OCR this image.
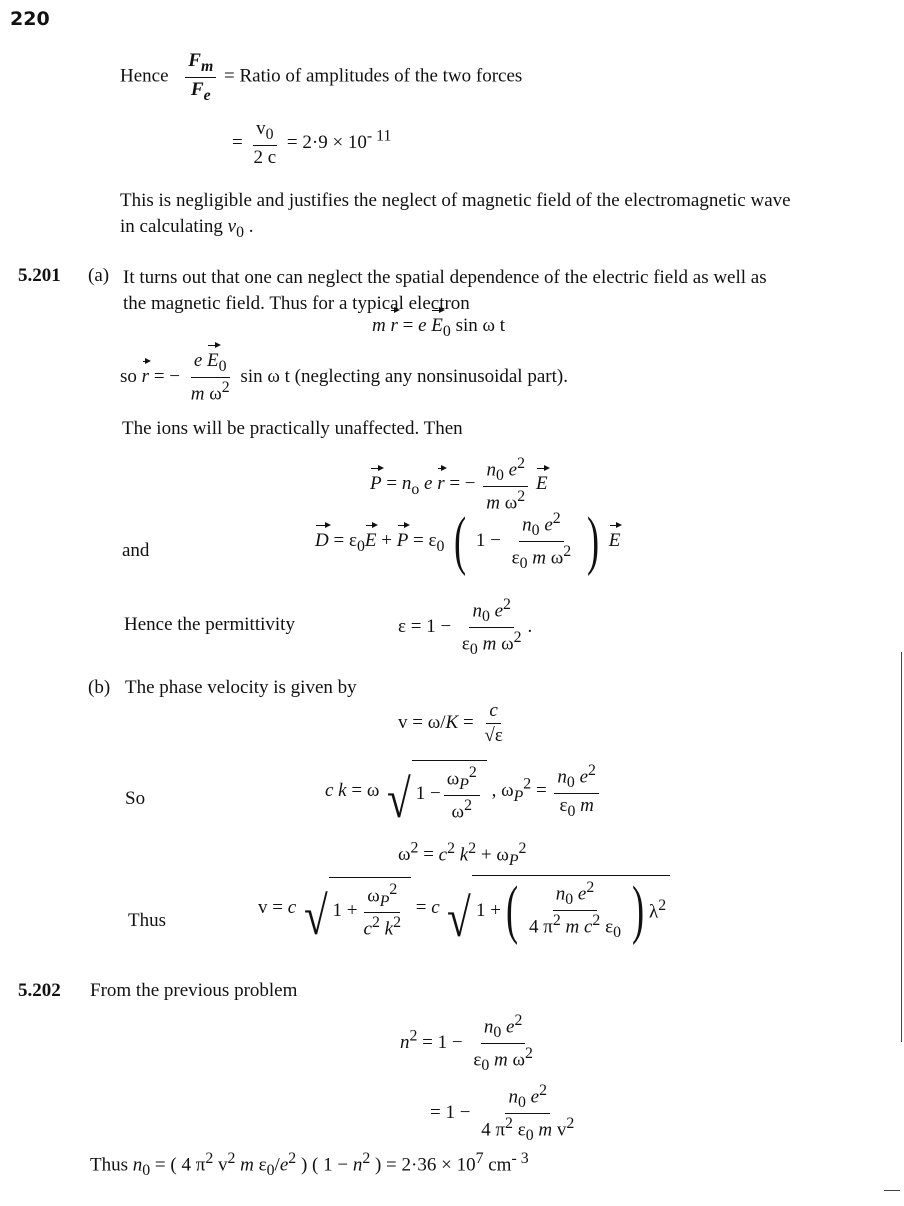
220
Hence $\frac{F_m}{F_e}$ = Ratio of amplitudes of the two forces
= $\frac{v_0}{2 c} = 2\cdot 9 \times 10^{- 11}$
This is negligible and justifies the neglect of magnetic field of the electromagnetic wave
in calculating $v_0$ .
5.201 (a) It turns out that one can neglect the spatial dependence of the electric field as well as
the magnetic field. Thus for a typical electron
m r = e $E_0$ sin ω t
so r = − $\frac{e E_0}{m \omega^2}$ sin ω t (neglecting any nonsinusoidal part).
The ions will be practically unaffected. Then
$P = n_o$ e r = − $\frac{n_0 e^2}{m \omega^2}$ E
and	$D = \varepsilon_0E + P = \varepsilon_0$ ( $1 - \frac{n_0 e^2}{\varepsilon_0 m \omega^2}$ ) E
Hence the permittivity	$\varepsilon = 1 - \frac{n_0 e^2}{\varepsilon_0 m \omega^2}$ .
(b) The phase velocity is given by
$v = \omega/K = \frac{c}{√\varepsilon}$
So	c k = ω √ $1 - \frac{\omega_P^2}{\omega^2}$ , $\omega_P^2 = \frac{n_0 e^2}{\varepsilon_0 m}$
$\omega^2 = c^2$ $k^2 + \omega_P^2$
Thus
v = c √ $1 + \frac{\omega_P^2}{c^2 k^2} = c$ √ 1 + ( $\frac{n_0 e^2}{4 \pi^2 m c^2 \varepsilon_0}$ ) $\lambda^2$
5.202 From the previous problem
$n^2 = 1 - \frac{n_0 e^2}{\varepsilon_0 m \omega^2}$
= $1 - \frac{n_0 e^2}{4 \pi^2 \varepsilon_0 m v^2}$
Thus $n_0$ = ( 4 $\pi^2$ $v^2$ m $\varepsilon_0/e^2$ ) ( $1 - n^2$ ) = $2\cdot 36 \times 10^7$ $cm^{- 3}$
